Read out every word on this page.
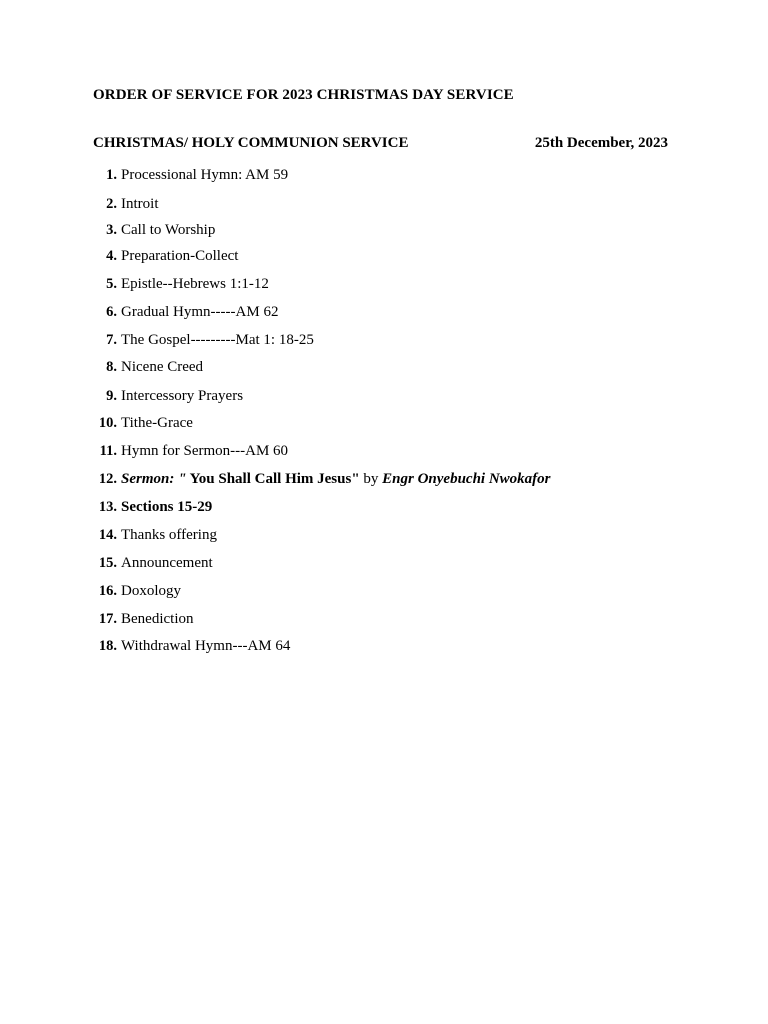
ORDER OF SERVICE FOR 2023 CHRISTMAS DAY SERVICE
CHRISTMAS/ HOLY COMMUNION SERVICE	25th December, 2023
1. Processional Hymn: AM 59
2. Introit
3. Call to Worship
4. Preparation-Collect
5. Epistle--Hebrews 1:1-12
6. Gradual Hymn-----AM 62
7. The Gospel---------Mat 1: 18-25
8. Nicene Creed
9. Intercessory Prayers
10. Tithe-Grace
11. Hymn for Sermon---AM 60
12. Sermon: " You Shall Call Him Jesus" by Engr Onyebuchi Nwokafor
13. Sections 15-29
14. Thanks offering
15. Announcement
16. Doxology
17. Benediction
18. Withdrawal Hymn---AM 64
